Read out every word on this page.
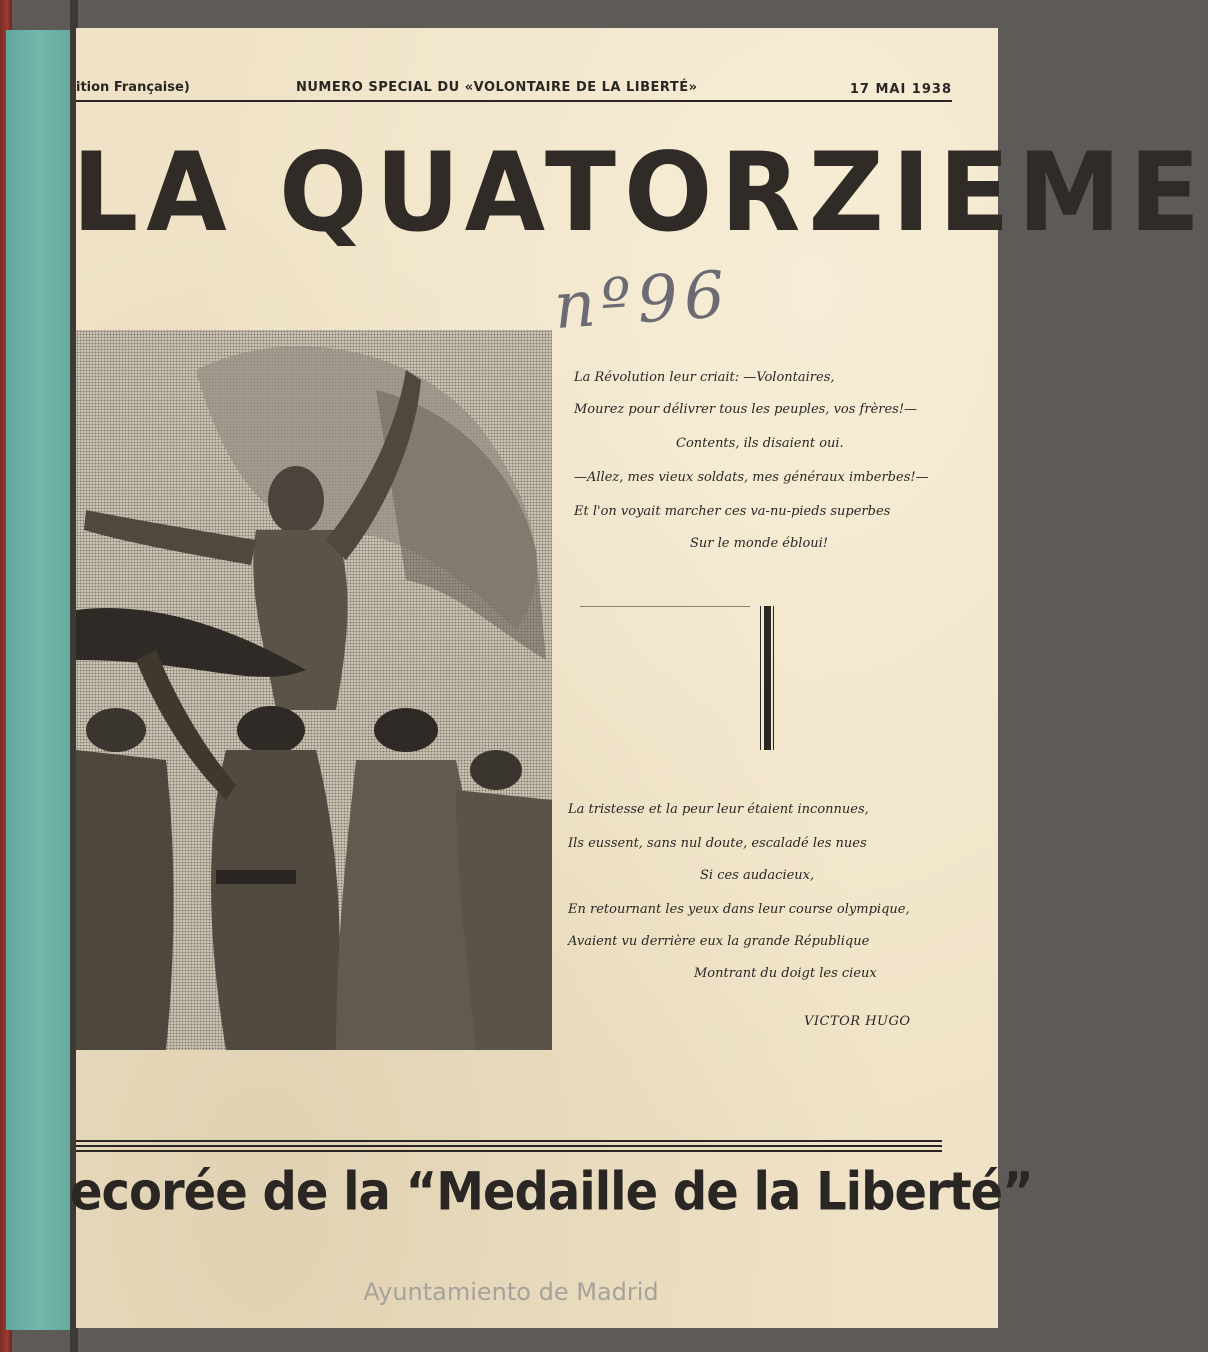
ition Française)	NUMERO SPECIAL DU «VOLONTAIRE DE LA LIBERTÉ»	17 MAI 1938
LA QUATORZIEME
nº96
La Révolution leur criait: —Volontaires,
Mourez pour délivrer tous les peuples, vos frères!—
Contents, ils disaient oui.
—Allez, mes vieux soldats, mes généraux imberbes!—
Et l'on voyait marcher ces va-nu-pieds superbes
Sur le monde ébloui!
La tristesse et la peur leur étaient inconnues,
Ils eussent, sans nul doute, escaladé les nues
Si ces audacieux,
En retournant les yeux dans leur course olympique,
Avaient vu derrière eux la grande République
Montrant du doigt les cieux
VICTOR HUGO
ecorée de la “Medaille de la Liberté”
Ayuntamiento de Madrid
